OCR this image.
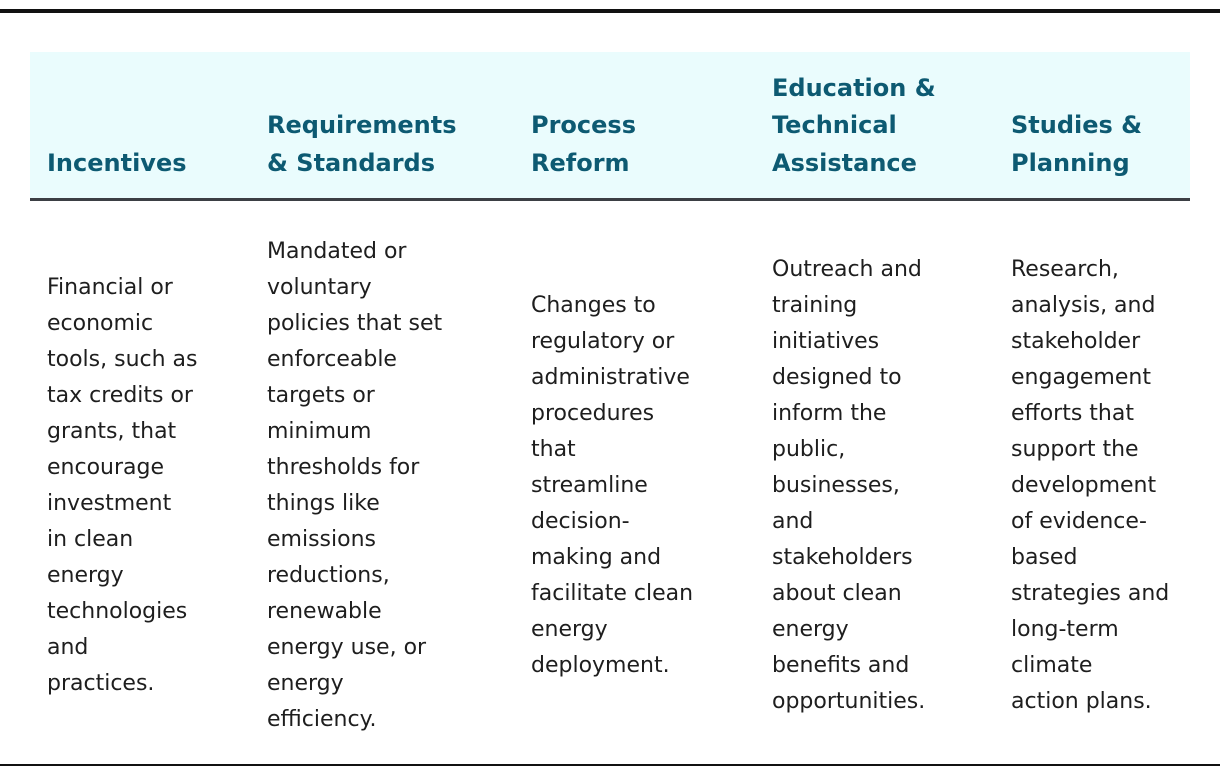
Incentives
Requirements
& Standards
Process
Reform
Education &
Technical
Assistance
Studies &
Planning
Financial or
economic
tools, such as
tax credits or
grants, that
encourage
investment
in clean
energy
technologies
and
practices.
Mandated or
voluntary
policies that set
enforceable
targets or
minimum
thresholds for
things like
emissions
reductions,
renewable
energy use, or
energy
efficiency.
Changes to
regulatory or
administrative
procedures
that
streamline
decision-
making and
facilitate clean
energy
deployment.
Outreach and
training
initiatives
designed to
inform the
public,
businesses,
and
stakeholders
about clean
energy
benefits and
opportunities.
Research,
analysis, and
stakeholder
engagement
efforts that
support the
development
of evidence-
based
strategies and
long-term
climate
action plans.
